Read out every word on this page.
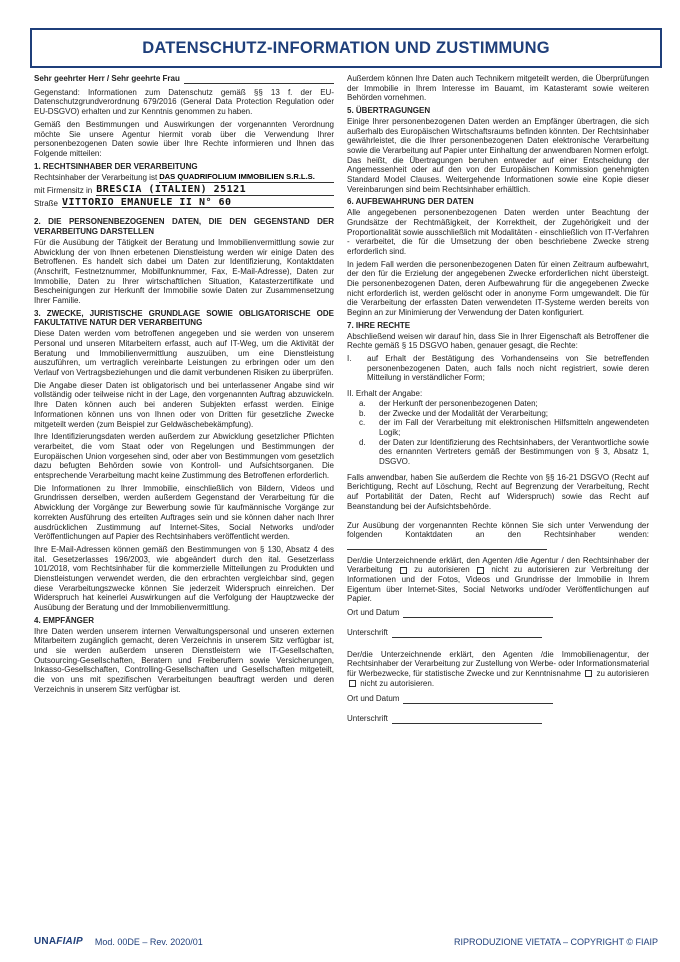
DATENSCHUTZ-INFORMATION UND ZUSTIMMUNG
Sehr geehrter Herr / Sehr geehrte Frau

Gegenstand: Informationen zum Datenschutz gemäß §§ 13 f. der EU-Datenschutzgrundverordnung 679/2016 (General Data Protection Regulation oder EU-DSGVO) erhalten und zur Kenntnis genommen zu haben.

Gemäß den Bestimmungen und Auswirkungen der vorgenannten Verordnung möchte Sie unsere Agentur hiermit vorab über die Verwendung Ihrer personenbezogenen Daten sowie über Ihre Rechte informieren und Ihnen das Folgende mitteilen:

1. RECHTSINHABER DER VERARBEITUNG
Rechtsinhaber der Verarbeitung ist DAS QUADRIFOLIUM IMMOBILIEN S.R.L.S.
mit Firmensitz in BRESCIA (ITALIEN) 25121
Straße VITTORIO EMANUELE II N° 60
2. DIE PERSONENBEZOGENEN DATEN, DIE DEN GEGENSTAND DER VERARBEITUNG DARSTELLEN

Für die Ausübung der Tätigkeit der Beratung und Immobilienvermittlung sowie zur Abwicklung der von Ihnen erbetenen Dienstleistung werden wir einige Daten des Betroffenen. Es handelt sich dabei um Daten zur Identifizierung, Kontaktdaten (Anschrift, Festnetznummer, Mobilfunknummer, Fax, E-Mail-Adresse), Daten zur Immobilie, Daten zu Ihrer wirtschaftlichen Situation, Katasterzertifikate und Bescheinigungen zur Herkunft der Immobilie sowie Daten zur Zusammensetzung Ihrer Familie.

3. ZWECKE, JURISTISCHE GRUNDLAGE SOWIE OBLIGATORISCHE ODE FAKULTATIVE NATUR DER VERARBEITUNG

Diese Daten werden vom betroffenen angegeben und sie werden von unserem Personal und unseren Mitarbeitern erfasst, auch auf IT-Weg, um die Aktivität der Beratung und Immobilienvermittlung auszuüben, um eine Dienstleistung auszuführen, um vertraglich vereinbarte Leistungen zu erbringen oder um den Verlauf von Vertragsbeziehungen und die damit verbundenen Risiken zu überprüfen.

Die Angabe dieser Daten ist obligatorisch und bei unterlassener Angabe sind wir vollständig oder teilweise nicht in der Lage, den vorgenannten Auftrag abzuwickeln. Ihre Daten können auch bei anderen Subjekten erfasst werden. Einige Informationen können uns von Ihnen oder von Dritten für gesetzliche Zwecke mitgeteilt werden (zum Beispiel zur Geldwäschebekämpfung).

Ihre Identifizierungsdaten werden außerdem zur Abwicklung gesetzlicher Pflichten verarbeitet, die vom Staat oder von Regelungen und Bestimmungen der Europäischen Union vorgesehen sind, oder aber von Bestimmungen vom gesetzlich dazu befugten Behörden sowie von Kontroll- und Aufsichtsorganen. Die entsprechende Verarbeitung macht keine Zustimmung des Betroffenen erforderlich.

Die Informationen zu Ihrer Immobilie, einschließlich von Bildern, Videos und Grundrissen derselben, werden außerdem Gegenstand der Verarbeitung für die Abwicklung der Vorgänge zur Bewerbung sowie für kaufmännische Vorgänge zur korrekten Ausführung des erteilten Auftrages sein und sie können daher nach Ihrer ausdrücklichen Zustimmung auf Internet-Sites, Social Networks und/oder Veröffentlichungen auf Papier des Rechtsinhabers veröffentlicht werden.

Ihre E-Mail-Adressen können gemäß den Bestimmungen von § 130, Absatz 4 des ital. Gesetzerlasses 196/2003, wie abgeändert durch den ital. Gesetzerlass 101/2018, vom Rechtsinhaber für die kommerzielle Mitteilungen zu Produkten und Dienstleistungen verwendet werden, die den erbrachten vergleichbar sind, gegen diese Verarbeitungszwecke können Sie jederzeit Widerspruch einreichen. Der Widerspruch hat keinerlei Auswirkungen auf die Verfolgung der Hauptzwecke der Ausübung der Beratung und der Immobilienvermittlung.

4. EMPFÄNGER

Ihre Daten werden unserem internen Verwaltungspersonal und unseren externen Mitarbeitern zugänglich gemacht, deren Verzeichnis in unserem Sitz verfügbar ist, und sie werden außerdem unseren Dienstleistern wie IT-Gesellschaften, Outsourcing-Gesellschaften, Beratern und Freiberuflern sowie Versicherungen, Inkasso-Gesellschaften, Controlling-Gesellschaften und Gesellschaften mitgeteilt, die von uns mit spezifischen Verarbeitungen beauftragt werden und deren Verzeichnis in unserem Sitz verfügbar ist.

Außerdem können Ihre Daten auch Technikern mitgeteilt werden, die Überprüfungen der Immobilie in Ihrem Interesse im Bauamt, im Katasteramt sowie weiteren Behörden vornehmen.

5. ÜBERTRAGUNGEN

Einige Ihrer personenbezogenen Daten werden an Empfänger übertragen, die sich außerhalb des Europäischen Wirtschaftsraums befinden könnten. Der Rechtsinhaber gewährleistet, die die Ihrer personenbezogenen Daten elektronische Verarbeitung sowie die Verarbeitung auf Papier unter Einhaltung der anwendbaren Normen erfolgt. Das heißt, die Übertragungen beruhen entweder auf einer Entscheidung der Angemessenheit oder auf den von der Europäischen Kommission genehmigten Standard Model Clauses. Weitergehende Informationen sowie eine Kopie dieser Vereinbarungen sind beim Rechtsinhaber erhältlich.

6. AUFBEWAHRUNG DER DATEN

Alle angegebenen personenbezogenen Daten werden unter Beachtung der Grundsätze der Rechtmäßigkeit, der Korrektheit, der Zugehörigkeit und der Proportionalität sowie ausschließlich mit Modalitäten - einschließlich von IT-Verfahren - verarbeitet, die für die Umsetzung der oben beschriebene Zwecke streng erforderlich sind.

In jedem Fall werden die personenbezogenen Daten für einen Zeitraum aufbewahrt, der den für die Erzielung der angegebenen Zwecke erforderlichen nicht übersteigt. Die personenbezogenen Daten, deren Aufbewahrung für die angegebenen Zwecke nicht erforderlich ist, werden gelöscht oder in anonyme Form umgewandelt. Die für die Verarbeitung der erfassten Daten verwendeten IT-Systeme werden bereits von Beginn an zur Minimierung der Verwendung der Daten konfiguriert.

7. IHRE RECHTE

Abschließend weisen wir darauf hin, dass Sie in Ihrer Eigenschaft als Betroffener die Rechte gemäß § 15 DSGVO haben, genauer gesagt, die Rechte:

I.	auf Erhalt der Bestätigung des Vorhandenseins von Sie betreffenden personenbezogenen Daten, auch falls noch nicht registriert, sowie deren Mitteilung in verständlicher Form;
II. Erhalt der Angabe:
a.	der Herkunft der personenbezogenen Daten;
b.	der Zwecke und der Modalität der Verarbeitung;
c.	der im Fall der Verarbeitung mit elektronischen Hilfsmitteln angewendeten Logik;
d.	der Daten zur Identifizierung des Rechtsinhabers, der Verantwortliche sowie des ernannten Vertreters gemäß der Bestimmungen von § 3, Absatz 1, DSGVO.

Falls anwendbar, haben Sie außerdem die Rechte von §§ 16-21 DSGVO (Recht auf Berichtigung, Recht auf Löschung, Recht auf Begrenzung der Verarbeitung, Recht auf Portabilität der Daten, Recht auf Widerspruch) sowie das Recht auf Beanstandung bei der Aufsichtsbehörde.

Zur Ausübung der vorgenannten Rechte können Sie sich unter Verwendung der folgenden Kontaktdaten an den Rechtsinhaber wenden:

Der/die Unterzeichnende erklärt, den Agenten /die Agentur / den Rechtsinhaber der Verarbeitung	zu autorisieren	nicht zu autorisieren zur Verbreitung der Informationen und der Fotos, Videos und Grundrisse der Immobilie in Ihrem Eigentum über Internet-Sites, Social Networks und/oder Veröffentlichungen auf Papier.

Ort und Datum
Unterschrift

Der/die Unterzeichnende erklärt, den Agenten /die Immobilienagentur, der Rechtsinhaber der Verarbeitung zur Zustellung von Werbe- oder Informationsmaterial für Werbezwecke, für statistische Zwecke und zur Kenntnisnahme zu autorisieren  nicht zu autorisieren.

Ort und Datum
Unterschrift
UNAFIAIP Mod. 00DE – Rev. 2020/01	RIPRODUZIONE VIETATA – COPYRIGHT © FIAIP
